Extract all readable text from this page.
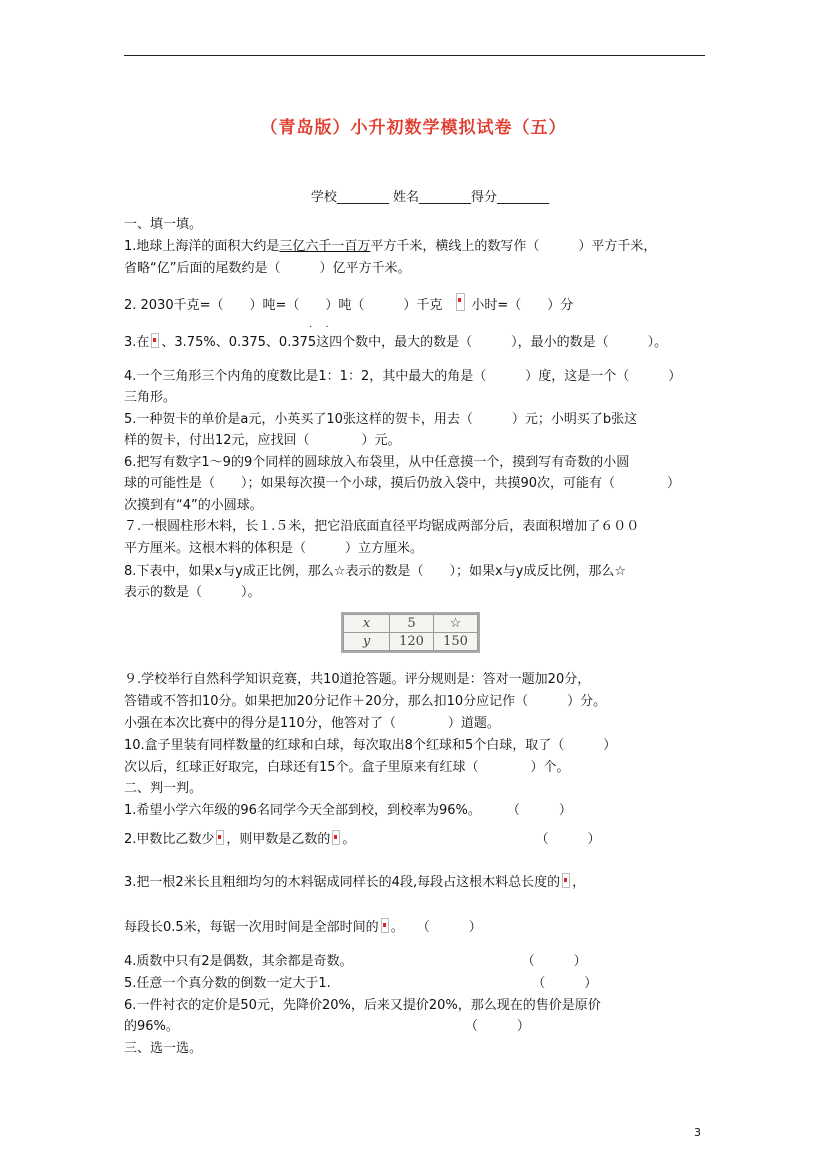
（青岛版）小升初数学模拟试卷（五）
学校________ 姓名________得分________
一、填一填。
1.地球上海洋的面积大约是三亿六千一百万平方千米，横线上的数写作（　　　）平方千米，
省略“亿”后面的尾数约是（　　　）亿平方千米。
2. 2030千克=（　　）吨=（　　）吨（　　　）千克 小时=（　　）分
· ·
3.在 、3.75%、0.375、0.375这四个数中，最大的数是（　　　），最小的数是（　　　）。
4.一个三角形三个内角的度数比是1：1：2，其中最大的角是（　　　）度，这是一个（　　　）
三角形。
5.一种贺卡的单价是a元，小英买了10张这样的贺卡，用去（　　　）元；小明买了b张这
样的贺卡，付出12元，应找回（　　　　）元。
6.把写有数字1～9的9个同样的圆球放入布袋里，从中任意摸一个，摸到写有奇数的小圆
球的可能性是（　　）；如果每次摸一个小球，摸后仍放入袋中，共摸90次，可能有（　　　　）
次摸到有“4”的小圆球。
７.一根圆柱形木料，长１.５米，把它沿底面直径平均锯成两部分后，表面积增加了６００
平方厘米。这根木料的体积是（　　　）立方厘米。
8.下表中，如果x与y成正比例，那么☆表示的数是（　　）；如果x与y成反比例，那么☆
表示的数是（　　　）。
x	5	☆
y	120	150
９.学校举行自然科学知识竞赛，共10道抢答题。评分规则是：答对一题加20分，
答错或不答扣10分。如果把加20分记作＋20分，那么扣10分应记作（　　　）分。
小强在本次比赛中的得分是110分，他答对了（　　　　）道题。
10.盒子里装有同样数量的红球和白球，每次取出8个红球和5个白球，取了（　　　）
次以后，红球正好取完，白球还有15个。盒子里原来有红球（　　　　）个。
二、判一判。
1.希望小学六年级的96名同学今天全部到校，到校率为96%。　　　（　　　）
2.甲数比乙数少 ，则甲数是乙数的 。	（　　　）
3.把一根2米长且粗细均匀的木料锯成同样长的4段,每段占这根木料总长度的 ，
每段长0.5米，每锯一次用时间是全部时间的 。　　（　　　）
4.质数中只有2是偶数，其余都是奇数。　　　　　　　　　　　　　　（　　　）
5.任意一个真分数的倒数一定大于1.　　　　　　　　　　　　　　　　（　　　）
6.一件衬衣的定价是50元，先降价20%，后来又提价20%，那么现在的售价是原价
的96%。　　　　　　　　　　　　　　　　　　　　　　　（　　　）
三、选一选。
3
